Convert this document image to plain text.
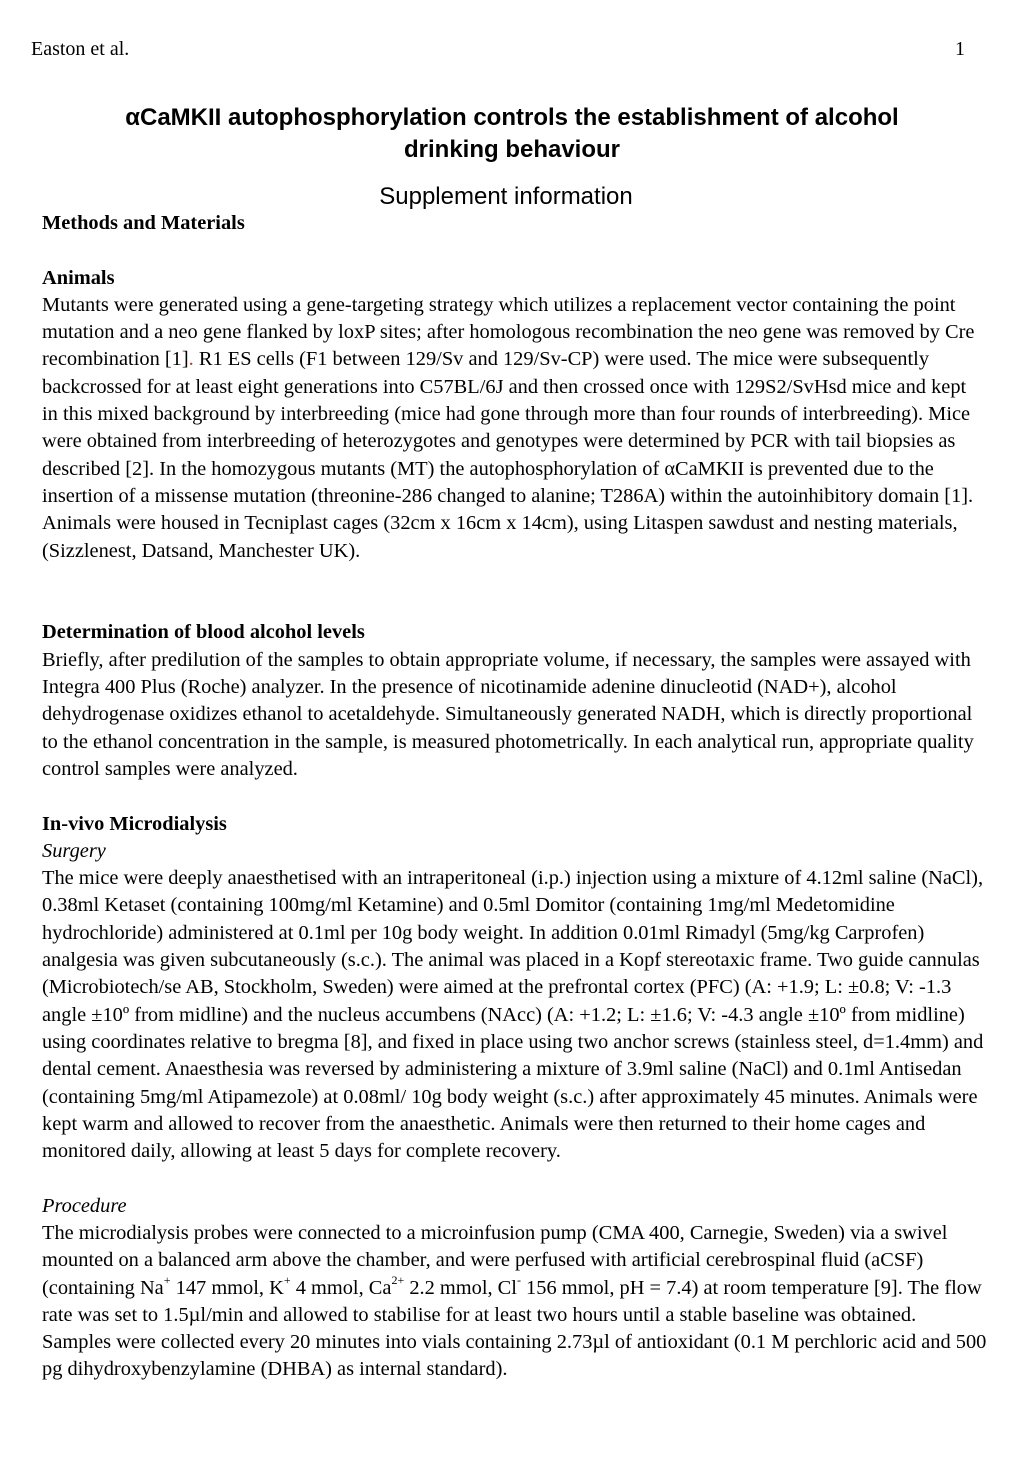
Easton et al.	1
αCaMKII autophosphorylation controls the establishment of alcohol
drinking behaviour
Supplement information

Methods and Materials

Animals

Mutants were generated using a gene-targeting strategy which utilizes a replacement vector containing the point mutation and a neo gene flanked by loxP sites; after homologous recombination the neo gene was removed by Cre recombination [1]. R1 ES cells (F1 between 129/Sv and 129/Sv-CP) were used. The mice were subsequently backcrossed for at least eight generations into C57BL/6J and then crossed once with 129S2/SvHsd mice and kept in this mixed background by interbreeding (mice had gone through more than four rounds of interbreeding). Mice were obtained from interbreeding of heterozygotes and genotypes were determined by PCR with tail biopsies as described [2]. In the homozygous mutants (MT) the autophosphorylation of αCaMKII is prevented due to the insertion of a missense mutation (threonine-286 changed to alanine; T286A) within the autoinhibitory domain [1]. Animals were housed in Tecniplast cages (32cm x 16cm x 14cm), using Litaspen sawdust and nesting materials, (Sizzlenest, Datsand, Manchester UK).

Determination of blood alcohol levels

Briefly, after predilution of the samples to obtain appropriate volume, if necessary, the samples were assayed with Integra 400 Plus (Roche) analyzer. In the presence of nicotinamide adenine dinucleotid (NAD+), alcohol dehydrogenase oxidizes ethanol to acetaldehyde. Simultaneously generated NADH, which is directly proportional to the ethanol concentration in the sample, is measured photometrically. In each analytical run, appropriate quality control samples were analyzed.

In-vivo Microdialysis

Surgery

The mice were deeply anaesthetised with an intraperitoneal (i.p.) injection using a mixture of 4.12ml saline (NaCl), 0.38ml Ketaset (containing 100mg/ml Ketamine) and 0.5ml Domitor (containing 1mg/ml Medetomidine hydrochloride) administered at 0.1ml per 10g body weight. In addition 0.01ml Rimadyl (5mg/kg Carprofen) analgesia was given subcutaneously (s.c.). The animal was placed in a Kopf stereotaxic frame. Two guide cannulas (Microbiotech/se AB, Stockholm, Sweden) were aimed at the prefrontal cortex (PFC) (A: +1.9; L: ±0.8; V: -1.3 angle ±10º from midline) and the nucleus accumbens (NAcc) (A: +1.2; L: ±1.6; V: -4.3 angle ±10º from midline) using coordinates relative to bregma [8], and fixed in place using two anchor screws (stainless steel, d=1.4mm) and dental cement. Anaesthesia was reversed by administering a mixture of 3.9ml saline (NaCl) and 0.1ml Antisedan (containing 5mg/ml Atipamezole) at 0.08ml/ 10g body weight (s.c.) after approximately 45 minutes. Animals were kept warm and allowed to recover from the anaesthetic. Animals were then returned to their home cages and monitored daily, allowing at least 5 days for complete recovery.

Procedure

The microdialysis probes were connected to a microinfusion pump (CMA 400, Carnegie, Sweden) via a swivel mounted on a balanced arm above the chamber, and were perfused with artificial cerebrospinal fluid (aCSF) (containing Na+ 147 mmol, K+ 4 mmol, $Ca^{2+}$ 2.2 mmol, Cl- 156 mmol, pH = 7.4) at room temperature [9]. The flow rate was set to 1.5µl/min and allowed to stabilise for at least two hours until a stable baseline was obtained. Samples were collected every 20 minutes into vials containing 2.73µl of antioxidant (0.1 M perchloric acid and 500 pg dihydroxybenzylamine (DHBA) as internal standard).
